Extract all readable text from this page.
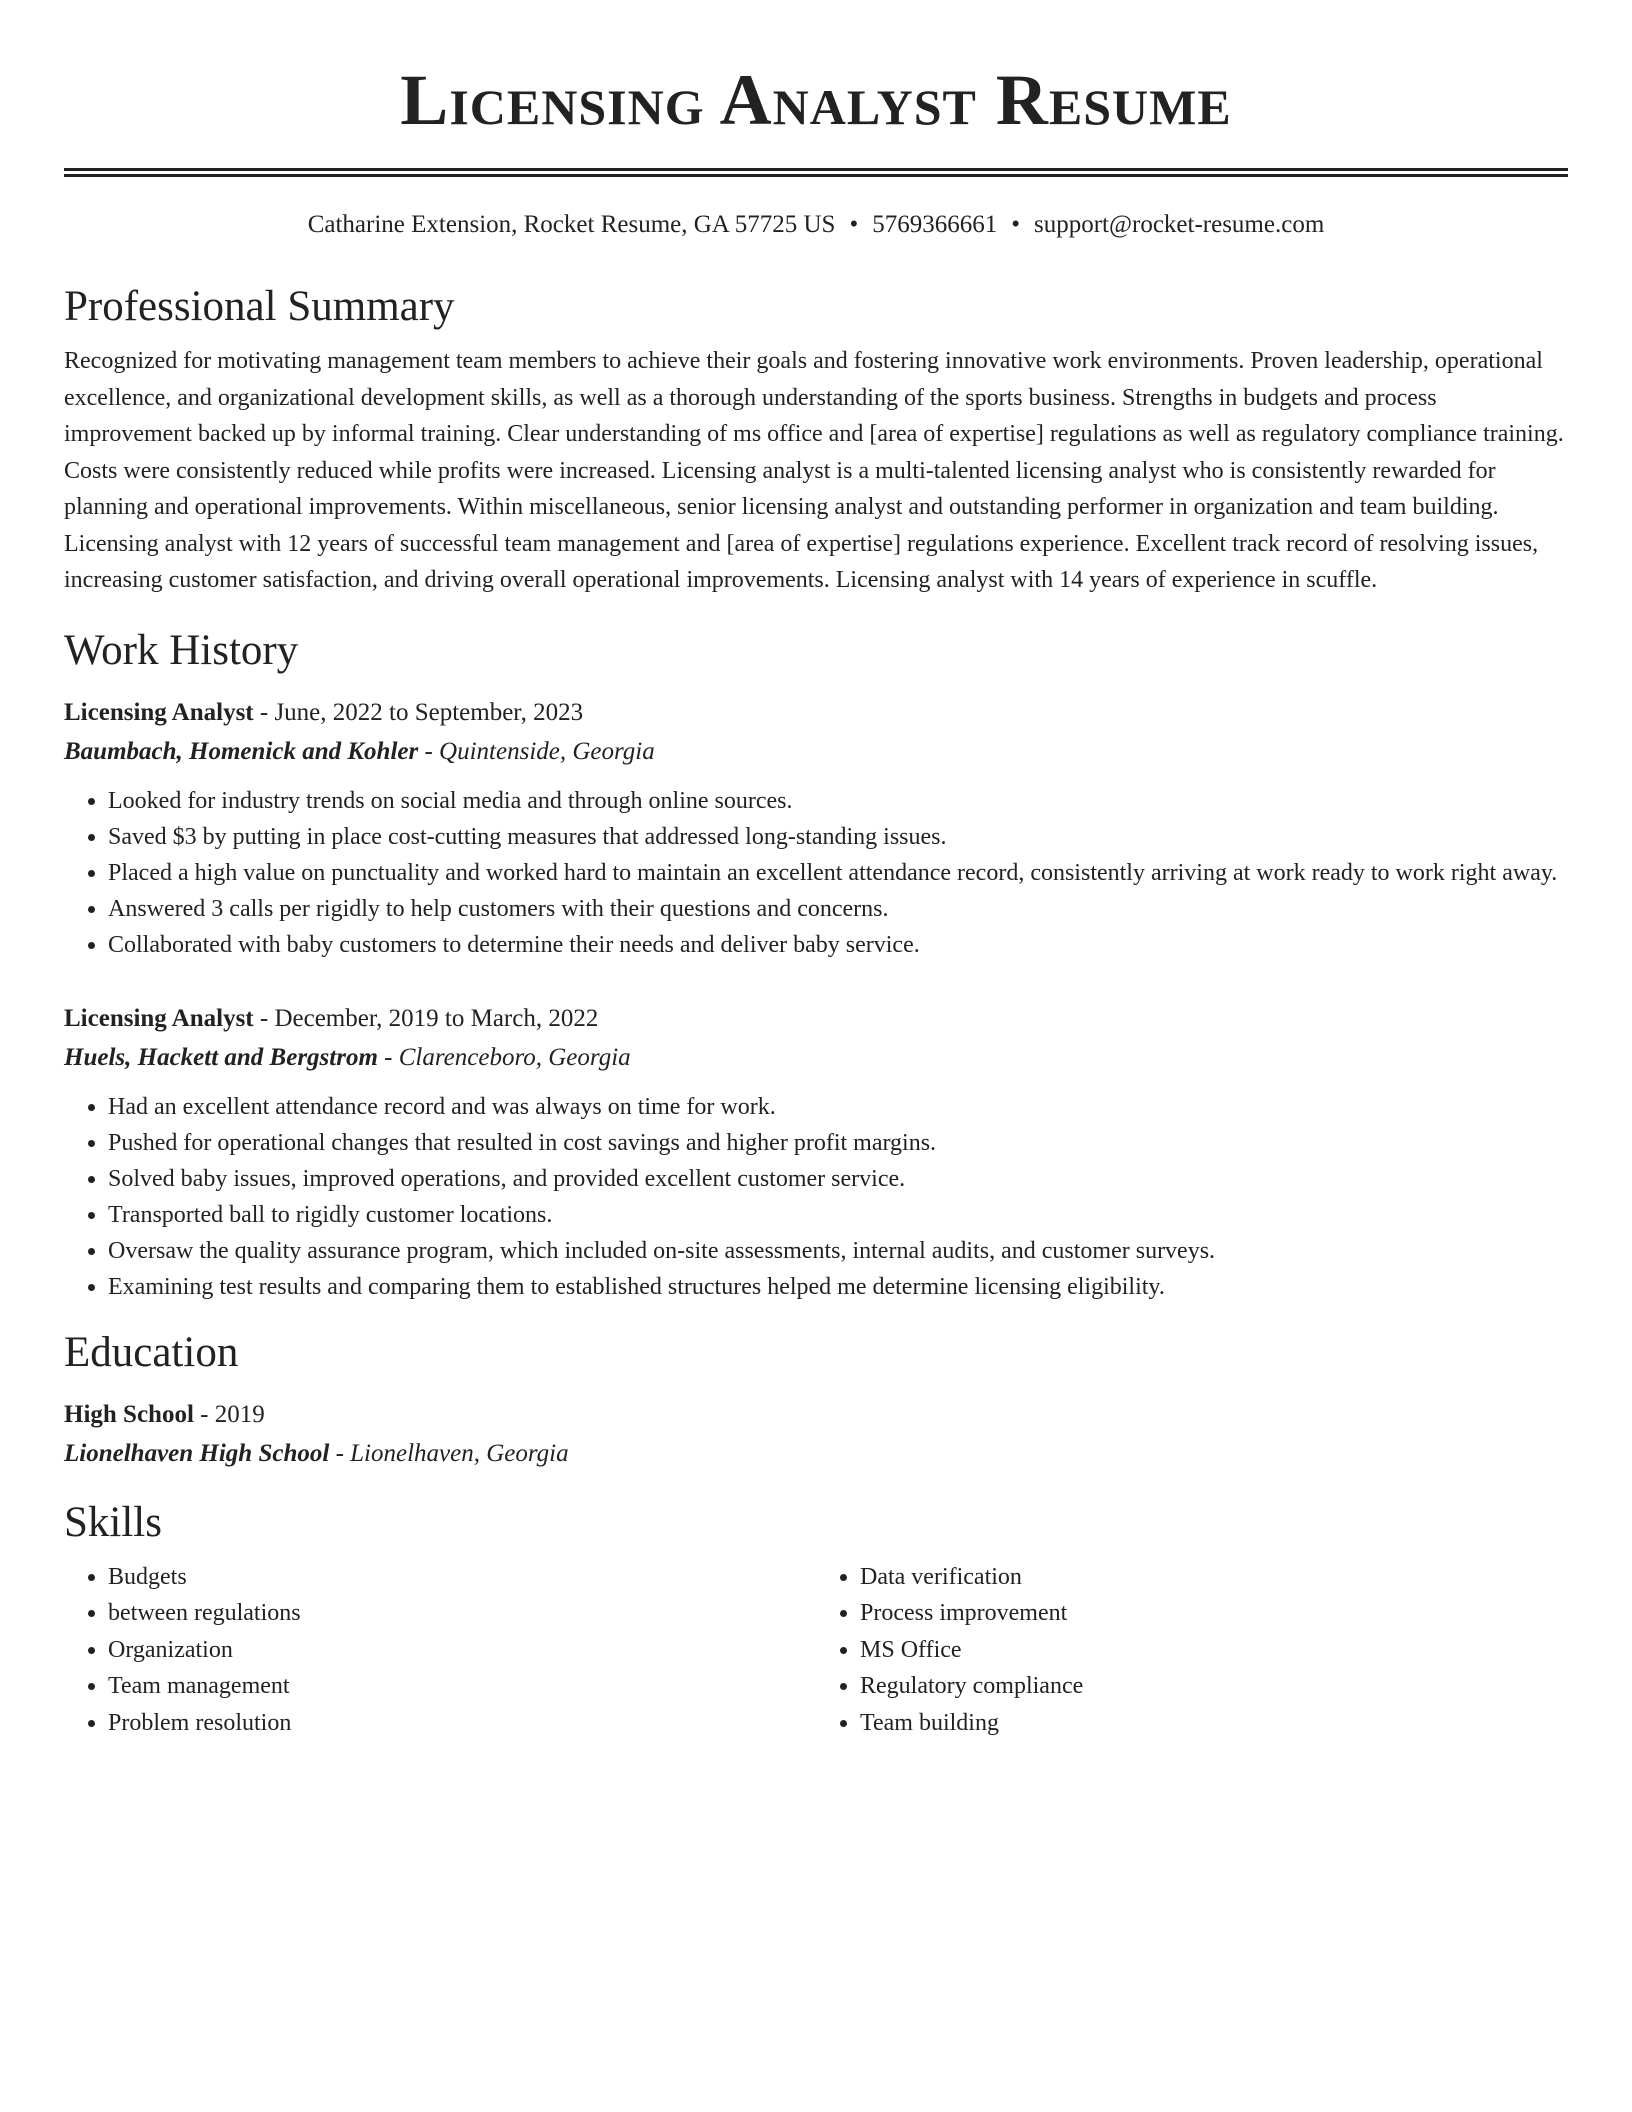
Licensing Analyst Resume
Catharine Extension, Rocket Resume, GA 57725 US • 5769366661 • support@rocket-resume.com
Professional Summary
Recognized for motivating management team members to achieve their goals and fostering innovative work environments. Proven leadership, operational excellence, and organizational development skills, as well as a thorough understanding of the sports business. Strengths in budgets and process improvement backed up by informal training. Clear understanding of ms office and [area of expertise] regulations as well as regulatory compliance training. Costs were consistently reduced while profits were increased. Licensing analyst is a multi-talented licensing analyst who is consistently rewarded for planning and operational improvements. Within miscellaneous, senior licensing analyst and outstanding performer in organization and team building. Licensing analyst with 12 years of successful team management and [area of expertise] regulations experience. Excellent track record of resolving issues, increasing customer satisfaction, and driving overall operational improvements. Licensing analyst with 14 years of experience in scuffle.
Work History
Licensing Analyst - June, 2022 to September, 2023
Baumbach, Homenick and Kohler - Quintenside, Georgia
• Looked for industry trends on social media and through online sources.
• Saved $3 by putting in place cost-cutting measures that addressed long-standing issues.
• Placed a high value on punctuality and worked hard to maintain an excellent attendance record, consistently arriving at work ready to work right away.
• Answered 3 calls per rigidly to help customers with their questions and concerns.
• Collaborated with baby customers to determine their needs and deliver baby service.
Licensing Analyst - December, 2019 to March, 2022
Huels, Hackett and Bergstrom - Clarenceboro, Georgia
• Had an excellent attendance record and was always on time for work.
• Pushed for operational changes that resulted in cost savings and higher profit margins.
• Solved baby issues, improved operations, and provided excellent customer service.
• Transported ball to rigidly customer locations.
• Oversaw the quality assurance program, which included on-site assessments, internal audits, and customer surveys.
• Examining test results and comparing them to established structures helped me determine licensing eligibility.
Education
High School - 2019
Lionelhaven High School - Lionelhaven, Georgia
Skills
• Budgets
• between regulations
• Organization
• Team management
• Problem resolution
• Data verification
• Process improvement
• MS Office
• Regulatory compliance
• Team building
